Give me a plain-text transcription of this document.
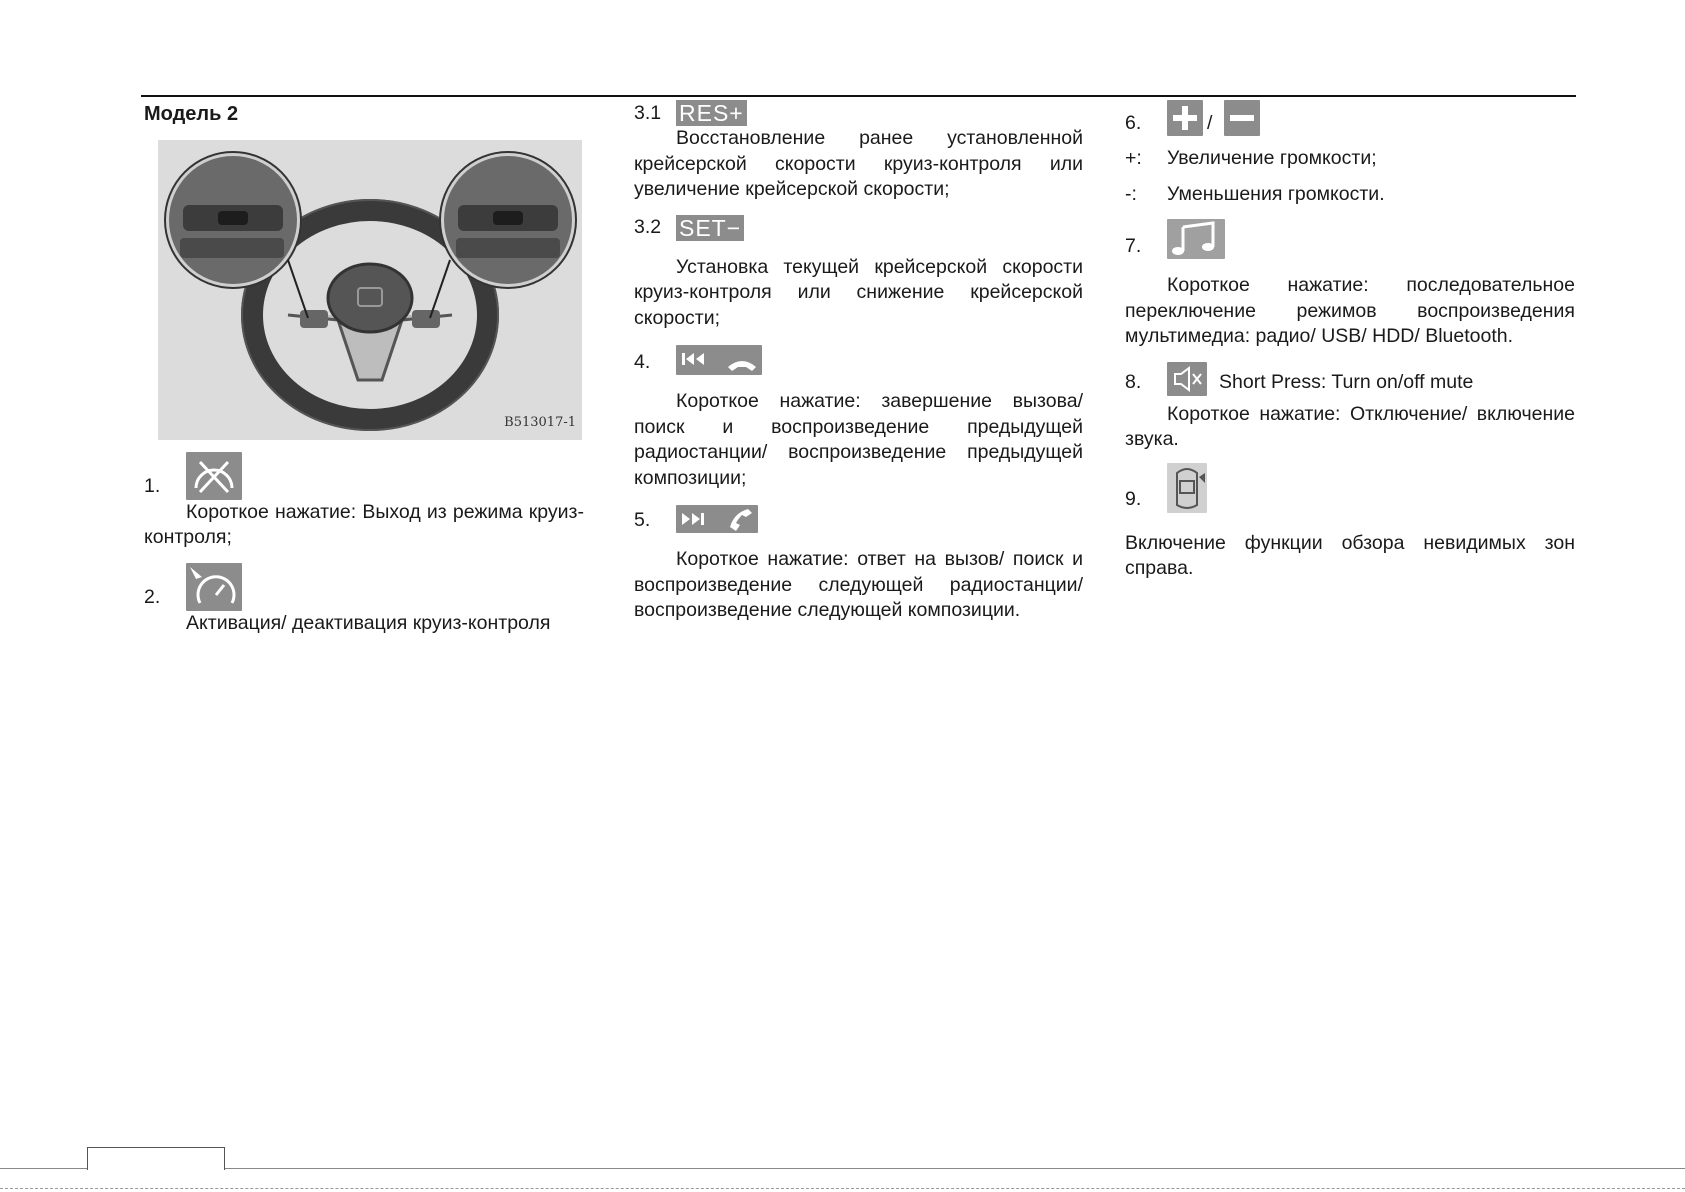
Модель 2
B513017-1
1.
Короткое нажатие: Выход из режима круиз-контроля;
2.
Активация/ деактивация круиз-контроля
3.1 RES+
Восстановление ранее установленной крейсерской скорости круиз-контроля или увеличение крейсерской скорости;
3.2 SET−
Установка текущей крейсерской скорости круиз-контроля или снижение крейсерской скорости;
4.
Короткое нажатие: завершение вызова/ поиск и воспроизведение предыдущей радиостанции/ воспроизведение предыдущей композиции;
5.
Короткое нажатие: ответ на вызов/ поиск и воспроизведение следующей радиостанции/ воспроизведение следующей композиции.
6.	/
+:	Увеличение громкости;
-:	Уменьшения громкости.
7.
Короткое нажатие: последовательное переключение режимов воспроизведения мультимедиа: радио/ USB/ HDD/ Bluetooth.
8.	Short Press: Turn on/off mute
Короткое нажатие: Отключение/ включение звука.
9.
Включение функции обзора невидимых зон справа.
